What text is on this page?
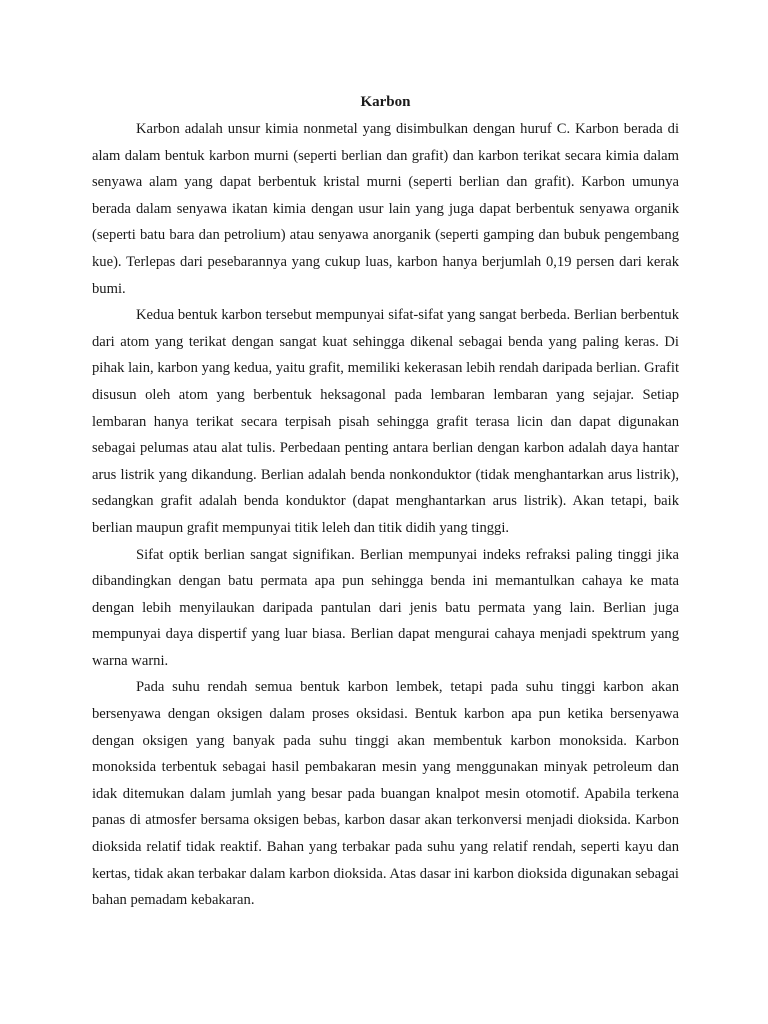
Karbon

Karbon adalah unsur kimia nonmetal yang disimbulkan dengan huruf C. Karbon berada di alam dalam bentuk karbon murni (seperti berlian dan grafit) dan karbon terikat secara kimia dalam senyawa alam yang dapat berbentuk kristal murni (seperti berlian dan grafit). Karbon umunya berada dalam senyawa ikatan kimia dengan usur lain yang juga dapat berbentuk senyawa organik (seperti batu bara dan petrolium) atau senyawa anorganik (seperti gamping dan bubuk pengembang kue). Terlepas dari pesebarannya yang cukup luas, karbon hanya berjumlah 0,19 persen dari kerak bumi.

Kedua bentuk karbon tersebut mempunyai sifat-sifat yang sangat berbeda. Berlian berbentuk dari atom yang terikat dengan sangat kuat sehingga dikenal sebagai benda yang paling keras. Di pihak lain, karbon yang kedua, yaitu grafit, memiliki kekerasan lebih rendah daripada berlian. Grafit disusun oleh atom yang berbentuk heksagonal pada lembaran lembaran yang sejajar. Setiap lembaran hanya terikat secara terpisah pisah sehingga grafit terasa licin dan dapat digunakan sebagai pelumas atau alat tulis. Perbedaan penting antara berlian dengan karbon adalah daya hantar arus listrik yang dikandung. Berlian adalah benda nonkonduktor (tidak menghantarkan arus listrik), sedangkan grafit adalah benda konduktor (dapat menghantarkan arus listrik). Akan tetapi, baik berlian maupun grafit mempunyai titik leleh dan titik didih yang tinggi.

Sifat optik berlian sangat signifikan. Berlian mempunyai indeks refraksi paling tinggi jika dibandingkan dengan batu permata apa pun sehingga benda ini memantulkan cahaya ke mata dengan lebih menyilaukan daripada pantulan dari jenis batu permata yang lain. Berlian juga mempunyai daya dispertif yang luar biasa. Berlian dapat mengurai cahaya menjadi spektrum yang warna warni.

Pada suhu rendah semua bentuk karbon lembek, tetapi pada suhu tinggi karbon akan bersenyawa dengan oksigen dalam proses oksidasi. Bentuk karbon apa pun ketika bersenyawa dengan oksigen yang banyak pada suhu tinggi akan membentuk karbon monoksida. Karbon monoksida terbentuk sebagai hasil pembakaran mesin yang menggunakan minyak petroleum dan idak ditemukan dalam jumlah yang besar pada buangan knalpot mesin otomotif. Apabila terkena panas di atmosfer bersama oksigen bebas, karbon dasar akan terkonversi menjadi dioksida. Karbon dioksida relatif tidak reaktif. Bahan yang terbakar pada suhu yang relatif rendah, seperti kayu dan kertas, tidak akan terbakar dalam karbon dioksida. Atas dasar ini karbon dioksida digunakan sebagai bahan pemadam kebakaran.
